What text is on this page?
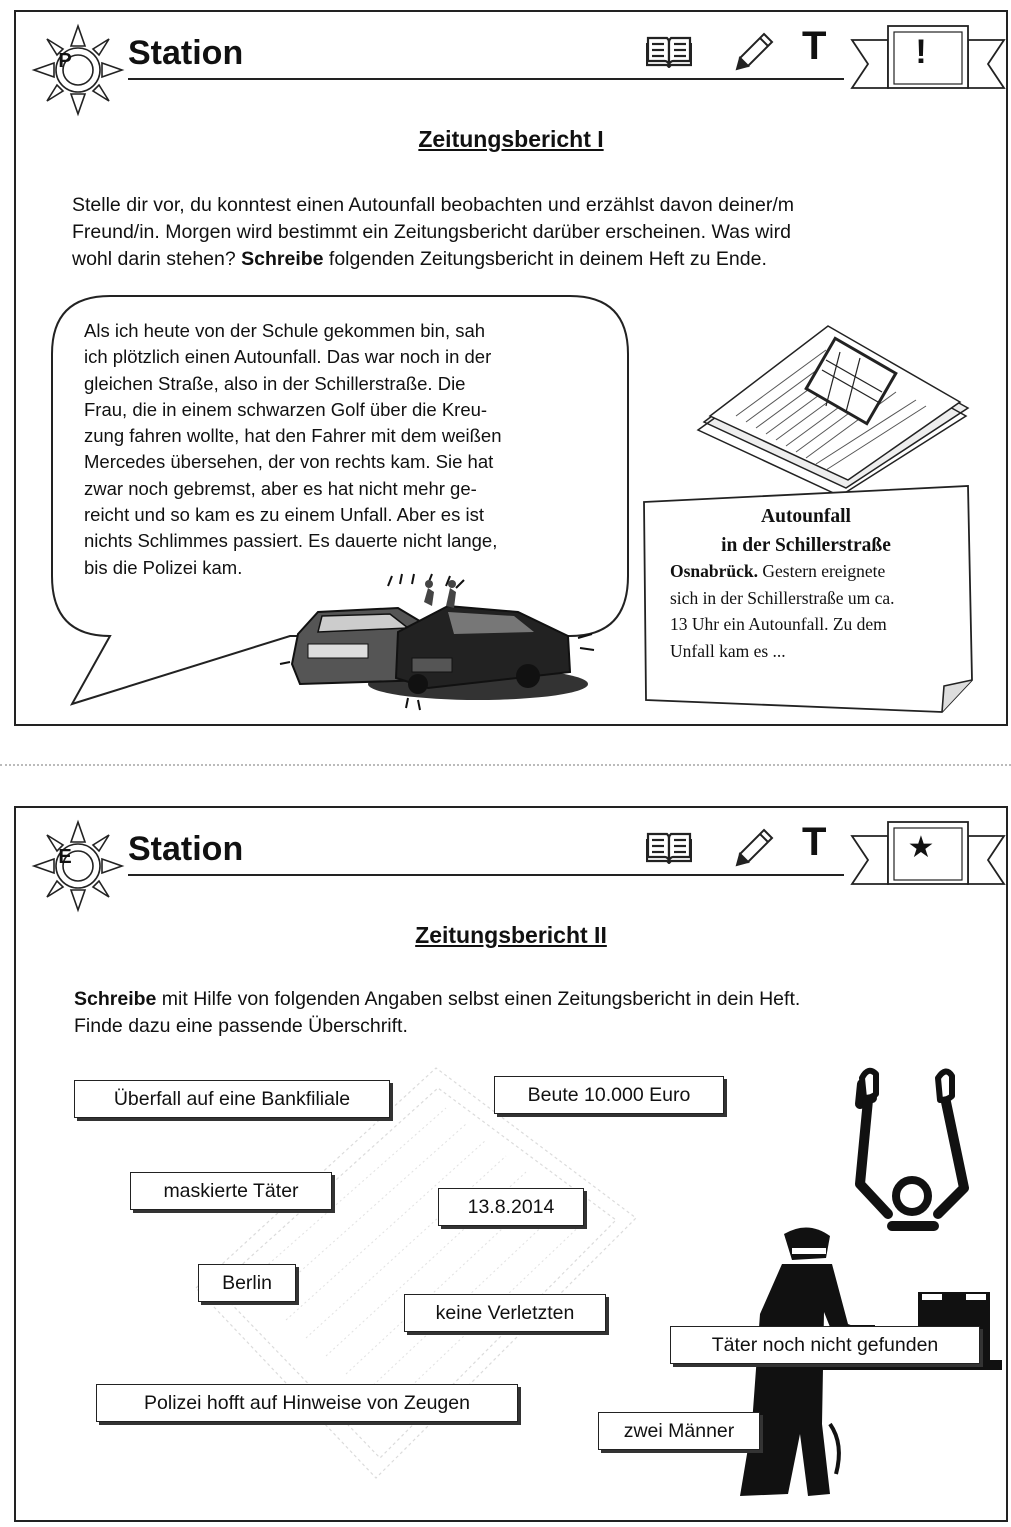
P Station	T	!
Zeitungsbericht I
Stelle dir vor, du konntest einen Autounfall beobachten und erzählst davon deiner/m
Freund/in. Morgen wird bestimmt ein Zeitungsbericht darüber erscheinen. Was wird
wohl darin stehen? Schreibe folgenden Zeitungsbericht in deinem Heft zu Ende.
Als ich heute von der Schule gekommen bin, sah
ich plötzlich einen Autounfall. Das war noch in der
gleichen Straße, also in der Schillerstraße. Die
Frau, die in einem schwarzen Golf über die Kreu-
zung fahren wollte, hat den Fahrer mit dem weißen
Mercedes übersehen, der von rechts kam. Sie hat
zwar noch gebremst, aber es hat nicht mehr ge-
reicht und so kam es zu einem Unfall. Aber es ist
nichts Schlimmes passiert. Es dauerte nicht lange,
bis die Polizei kam.
Autounfall
in der Schillerstraße
Osnabrück. Gestern ereignete
sich in der Schillerstraße um ca.
13 Uhr ein Autounfall. Zu dem
Unfall kam es ...
E Station	T	★
Zeitungsbericht II
Schreibe mit Hilfe von folgenden Angaben selbst einen Zeitungsbericht in dein Heft.
Finde dazu eine passende Überschrift.
Überfall auf eine Bankfiliale	Beute 10.000 Euro
maskierte Täter
13.8.2014
Berlin
keine Verletzten
Täter noch nicht gefunden
Polizei hofft auf Hinweise von Zeugen
zwei Männer
